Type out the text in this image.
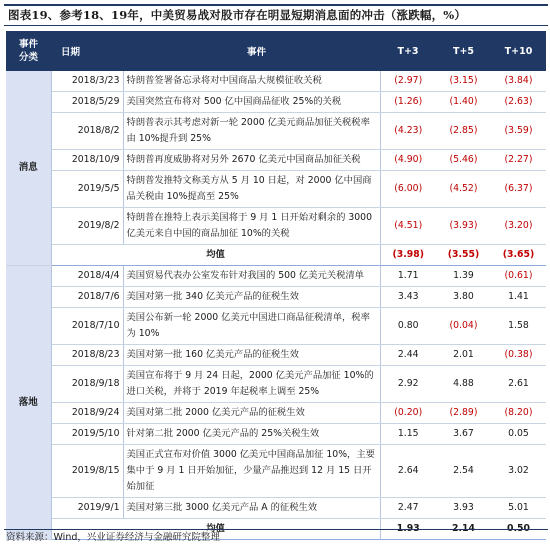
图表19、参考18、19年，中美贸易战对股市存在明显短期消息面的冲击（涨跌幅，%）
事件
分类	日期	事件	T+3	T+5	T+10
消息	2018/3/23	特朗普签署备忘录将对中国商品大规模征收关税	(2.97)	(3.15)	(3.84)
	2018/5/29	美国突然宣布将对 500 亿中国商品征收 25%的关税	(1.26)	(1.40)	(2.63)
	2018/8/2	特朗普表示其考虑对新一轮 2000 亿美元商品加征关税税率由 10%提升到 25%	(4.23)	(2.85)	(3.59)
	2018/10/9	特朗普再度威胁将对另外 2670 亿美元中国商品加征关税	(4.90)	(5.46)	(2.27)
	2019/5/5	特朗普发推特文称美方从 5 月 10 日起，对 2000 亿中国商品关税由 10%提高至 25%	(6.00)	(4.52)	(6.37)
	2019/8/2	特朗普在推特上表示美国将于 9 月 1 日开始对剩余的 3000 亿美元来自中国的商品加征 10%的关税	(4.51)	(3.93)	(3.20)
	均值		(3.98)	(3.55)	(3.65)
落地	2018/4/4	美国贸易代表办公室发布针对我国的 500 亿美元关税清单	1.71	1.39	(0.61)
	2018/7/6	美国对第一批 340 亿美元产品的征税生效	3.43	3.80	1.41
	2018/7/10	美国公布新一轮 2000 亿美元中国进口商品征税清单，税率为 10%	0.80	(0.04)	1.58
	2018/8/23	美国对第一批 160 亿美元产品的征税生效	2.44	2.01	(0.38)
	2018/9/18	美国宣布将于 9 月 24 日起，2000 亿美元产品加征 10%的进口关税，并将于 2019 年起税率上调至 25%	2.92	4.88	2.61
	2018/9/24	美国对第二批 2000 亿美元产品的征税生效	(0.20)	(2.89)	(8.20)
	2019/5/10	针对第二批 2000 亿美元产品的 25%关税生效	1.15	3.67	0.05
	2019/8/15	美国正式宣布对价值 3000 亿美元中国商品加征 10%，主要集中于 9 月 1 日开始加征，少量产品推迟到 12 月 15 日开始加征	2.64	2.54	3.02
	2019/9/1	美国对第三批 3000 亿美元产品 A 的征税生效	2.47	3.93	5.01
	均值		1.93	2.14	0.50
资料来源：Wind，兴业证券经济与金融研究院整理
